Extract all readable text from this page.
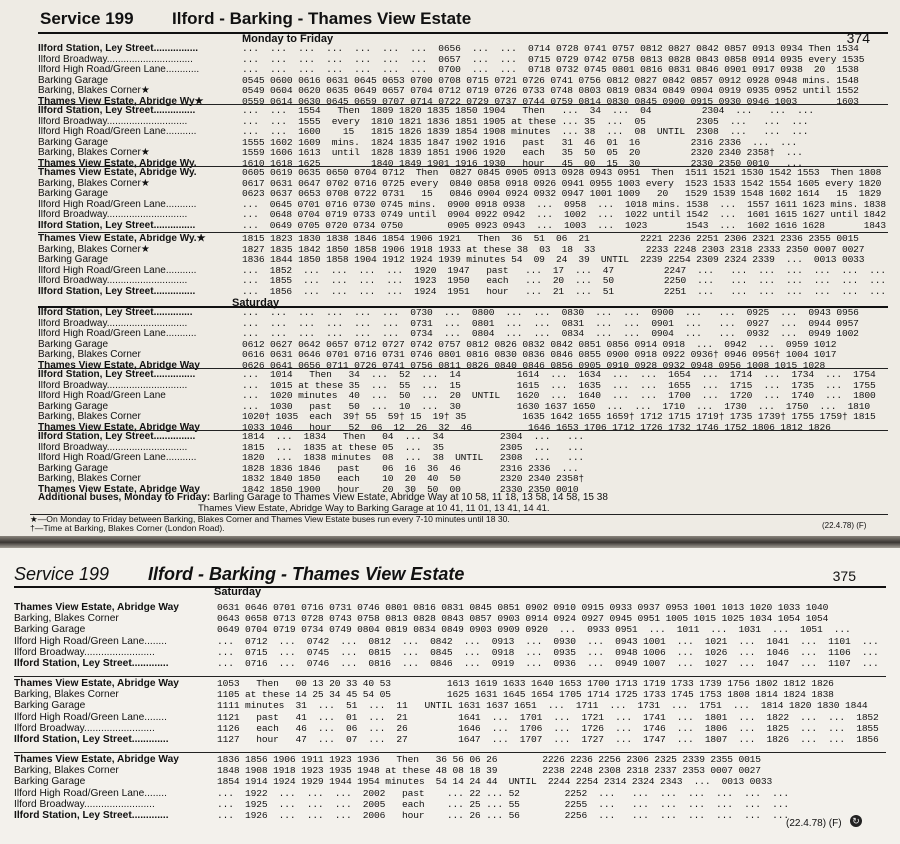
Service 199 Ilford - Barking - Thames View Estate
374
Monday to Friday
Saturday
Additional buses, Monday to Friday: Barling Garage to Thames View Estate, Abridge Way at 10 58, 11 18, 13 58, 14 58, 15 38
Thames View Estate, Abridge Way to Barking Garage at 10 41, 11 01, 13 41, 14 41.
★—On Monday to Friday between Barking, Blakes Corner and Thames View Estate buses run every 7-10 minutes until 18 30.
†—Time at Barking, Blakes Corner (London Road).	(22.4.78) (F)
Ilford Station, Ley Street................	...  ...  ...  ...  ...  ...  ...  0656  ...  ...  0714 0728 0741 0757 0812 0827 0842 0857 0913 0934 Then 1534
Ilford Broadway...............................	...  ...  ...  ...  ...  ...  ...  0657  ...  ...  0715 0729 0742 0758 0813 0828 0843 0858 0914 0935 every 1535
Ilford High Road/Green Lane............	...  ...  ...  ...  ...  ...  ...  0700  ...  ...  0718 0732 0745 0801 0816 0831 0846 0901 0917 0938  20  1538
Barking Garage	0545 0600 0616 0631 0645 0653 0700 0708 0715 0721 0726 0741 0756 0812 0827 0842 0857 0912 0928 0948 mins. 1548
Barking, Blakes Corner★	0549 0604 0620 0635 0649 0657 0704 0712 0719 0726 0733 0748 0803 0819 0834 0849 0904 0919 0935 0952 until 1552
Thames View Estate, Abridge Wy★	0559 0614 0630 0645 0659 0707 0714 0722 0729 0737 0744 0759 0814 0830 0845 0900 0915 0930 0946 1003       1603
Ilford Station, Ley Street...............	...  ...  1554   Then  1809 1820 1835 1850 1904   Then   ...  34  ...  04         2304  ...   ...  ...
Ilford Broadway.............................	...  ...  1555  every  1810 1821 1836 1851 1905 at these ... 35  ...  05         2305  ...   ...  ...
Ilford High Road/Green Lane...........	...  ...  1600    15   1815 1826 1839 1854 1908 minutes  ... 38  ...  08  UNTIL  2308  ...   ...  ...
Barking Garage	1555 1602 1609  mins.  1824 1835 1847 1902 1916   past   31  46  01  16         2316 2336  ...  ...
Barking, Blakes Corner★	1559 1606 1613  until  1828 1839 1851 1906 1920   each   35  50  05  20         2320 2340 2358†  ...
Thames View Estate, Abridge Wy.	1610 1618 1625         1840 1849 1901 1916 1930   hour   45  00  15  30         2330 2350 0010   ...
Thames View Estate, Abridge Wy.	0605 0619 0635 0650 0704 0712  Then  0827 0845 0905 0913 0928 0943 0951  Then  1511 1521 1530 1542 1553  Then 1808
Barking, Blakes Corner★	0617 0631 0647 0702 0716 0725 every  0840 0858 0918 0926 0941 0955 1003 every  1523 1533 1542 1554 1605 every 1820
Barking Garage	0623 0637 0653 0708 0722 0731   15   0846 0904 0924 0932 0947 1001 1009   20   1529 1539 1548 1602 1614   15  1829
Ilford High Road/Green Lane...........	...  0645 0701 0716 0730 0745 mins.  0900 0918 0938  ...  0958  ...  1018 mins. 1538  ...  1557 1611 1623 mins. 1838
Ilford Broadway.............................	...  0648 0704 0719 0733 0749 until  0904 0922 0942  ...  1002  ...  1022 until 1542  ...  1601 1615 1627 until 1842
Ilford Station, Ley Street...............	...  0649 0705 0720 0734 0750        0905 0923 0943  ...  1003  ...  1023       1543  ...  1602 1616 1628       1843
Thames View Estate, Abridge Wy.★	1815 1823 1830 1838 1846 1854 1906 1921   Then  36  51  06  21         2221 2236 2251 2306 2321 2336 2355 0015
Barking, Blakes Corner★	1827 1835 1842 1850 1858 1906 1918 1933 at these 38  03  18  33         2233 2248 2303 2318 2333 2350 0007 0027
Barking Garage	1836 1844 1850 1858 1904 1912 1924 1939 minutes 54  09  24  39  UNTIL  2239 2254 2309 2324 2339  ...  0013 0033
Ilford High Road/Green Lane...........	...  1852  ...  ...  ...  ...  1920  1947   past   ...  17  ...  47         2247  ...   ...  ...  ...  ...  ...  ...
Ilford Broadway.............................	...  1855  ...  ...  ...  ...  1923  1950   each   ...  20  ...  50         2250  ...   ...  ...  ...  ...  ...  ...
Ilford Station, Ley Street...............	...  1856  ...  ...  ...  ...  1924  1951   hour   ...  21  ...  51         2251  ...   ...  ...  ...  ...  ...  ...
Ilford Station, Ley Street..............	...  ...  ...  ...  ...  ...  0730  ...  0800  ...  ...  0830  ...  ...  0900  ...   ...  0925  ...  0943 0956
Ilford Broadway.............................	...  ...  ...  ...  ...  ...  0731  ...  0801  ...  ...  0831  ...  ...  0901  ...   ...  0927  ...  0944 0957
Ilford High Road/Green Lane...........	...  ...  ...  ...  ...  ...  0734  ...  0804  ...  ...  0834  ...  ...  0904  ...   ...  0932  ...  0949 1002
Barking Garage	0612 0627 0642 0657 0712 0727 0742 0757 0812 0826 0832 0842 0851 0856 0914 0918  ...  0942  ...  0959 1012
Barking, Blakes Corner	0616 0631 0646 0701 0716 0731 0746 0801 0816 0830 0836 0846 0855 0900 0918 0922 0936† 0946 0956† 1004 1017
Thames View Estate, Abridge Way	0626 0641 0656 0711 0726 0741 0756 0811 0826 0840 0846 0856 0905 0910 0928 0932 0948 0956 1008 1015 1028
Ilford Station, Ley Street...............	...  1014   Then   34  ...  52  ...  14          1614  ...  1634  ...  ...  1654  ...  1714  ...  1734  ...  1754
Ilford Broadway.............................	...  1015 at these 35  ...  55  ...  15          1615  ...  1635  ...  ...  1655  ...  1715  ...  1735  ...  1755
Ilford High Road/Green Lane	...  1020 minutes  40  ...  50  ...  20  UNTIL   1620  ...  1640  ...  ...  1700  ...  1720  ...  1740  ...  1800
Barking Garage	...  1030   past   50  ...  10  ...  30          1630 1637 1650  ...  ...  1710  ...  1730  ...  1750  ...  1810
Barking, Blakes Corner	1020† 1035  each  39† 55  59† 15  19† 35          1635 1642 1655 1659† 1712 1715 1719† 1735 1739† 1755 1759† 1815
Thames View Estate, Abridge Way	1033 1046   hour   52  06  12  26  32  46          1646 1653 1706 1712 1726 1732 1746 1752 1806 1812 1826
Ilford Station, Ley Street...............	1814  ...  1834   Then   04  ...  34          2304  ...   ...
Ilford Broadway.............................	1815  ...  1835 at these 05  ...  35          2305  ...   ...
Ilford High Road/Green Lane...........	1820  ...  1838 minutes  08  ...  38  UNTIL   2308  ...   ...
Barking Garage	1828 1836 1846   past    06  16  36  46       2316 2336  ...
Barking, Blakes Corner	1832 1840 1850   each    10  20  40  50       2320 2340 2358†
Thames View Estate, Abridge Way	1842 1850 1900   hour    20  30  50  00       2330 2350 0010
Service 199 Ilford - Barking - Thames View Estate	375
Saturday
(22.4.78) (F) ↻
Thames View Estate, Abridge Way	0631 0646 0701 0716 0731 0746 0801 0816 0831 0845 0851 0902 0910 0915 0933 0937 0953 1001 1013 1020 1033 1040
Barking, Blakes Corner	0643 0658 0713 0728 0743 0758 0813 0828 0843 0857 0903 0914 0924 0927 0945 0951 1005 1015 1025 1034 1054 1054
Barking Garage	0649 0704 0719 0734 0749 0804 0819 0834 0849 0903 0909 0920  ...  0933 0951  ...  1011  ...  1031  ...  1051  ...
Ilford High Road/Green Lane........	...  0712  ...  0742  ...  0812  ...  0842  ...  0913  ...  0930  ...  0943 1001  ...  1021  ...  1041  ...  1101  ...
Ilford Broadway.........................	...  0715  ...  0745  ...  0815  ...  0845  ...  0918  ...  0935  ...  0948 1006  ...  1026  ...  1046  ...  1106  ...
Ilford Station, Ley Street.............	...  0716  ...  0746  ...  0816  ...  0846  ...  0919  ...  0936  ...  0949 1007  ...  1027  ...  1047  ...  1107  ...
Thames View Estate, Abridge Way	1053   Then   00 13 20 33 40 53          1613 1619 1633 1640 1653 1700 1713 1719 1733 1739 1756 1802 1812 1826
Barking, Blakes Corner	1105 at these 14 25 34 45 54 05          1625 1631 1645 1654 1705 1714 1725 1733 1745 1753 1808 1814 1824 1838
Barking Garage	1111 minutes  31  ...  51  ...  11   UNTIL 1631 1637 1651  ...  1711  ...  1731  ...  1751  ...  1814 1820 1830 1844
Ilford High Road/Green Lane........	1121   past   41  ...  01  ...  21         1641  ...  1701  ...  1721  ...  1741  ...  1801  ...  1822  ...  ...  1852
Ilford Broadway.........................	1126   each   46  ...  06  ...  26         1646  ...  1706  ...  1726  ...  1746  ...  1806  ...  1825  ...  ...  1855
Ilford Station, Ley Street.............	1127   hour   47  ...  07  ...  27         1647  ...  1707  ...  1727  ...  1747  ...  1807  ...  1826  ...  ...  1856
Thames View Estate, Abridge Way	1836 1856 1906 1911 1923 1936   Then   36 56 06 26        2226 2236 2256 2306 2325 2339 2355 0015
Barking, Blakes Corner	1848 1908 1918 1923 1935 1948 at these 48 08 18 39        2238 2248 2308 2318 2337 2353 0007 0027
Barking Garage	1854 1914 1924 1929 1944 1954 minutes  54 14 24 44  UNTIL  2244 2254 2314 2324 2343  ...  0013 0033
Ilford High Road/Green Lane........	...  1922  ...  ...  ...  2002   past    ... 22 ... 52        2252  ...   ...  ...  ...  ...  ...  ...
Ilford Broadway.........................	...  1925  ...  ...  ...  2005   each    ... 25 ... 55        2255  ...   ...  ...  ...  ...  ...  ...
Ilford Station, Ley Street.............	...  1926  ...  ...  ...  2006   hour    ... 26 ... 56        2256  ...   ...  ...  ...  ...  ...  ...
